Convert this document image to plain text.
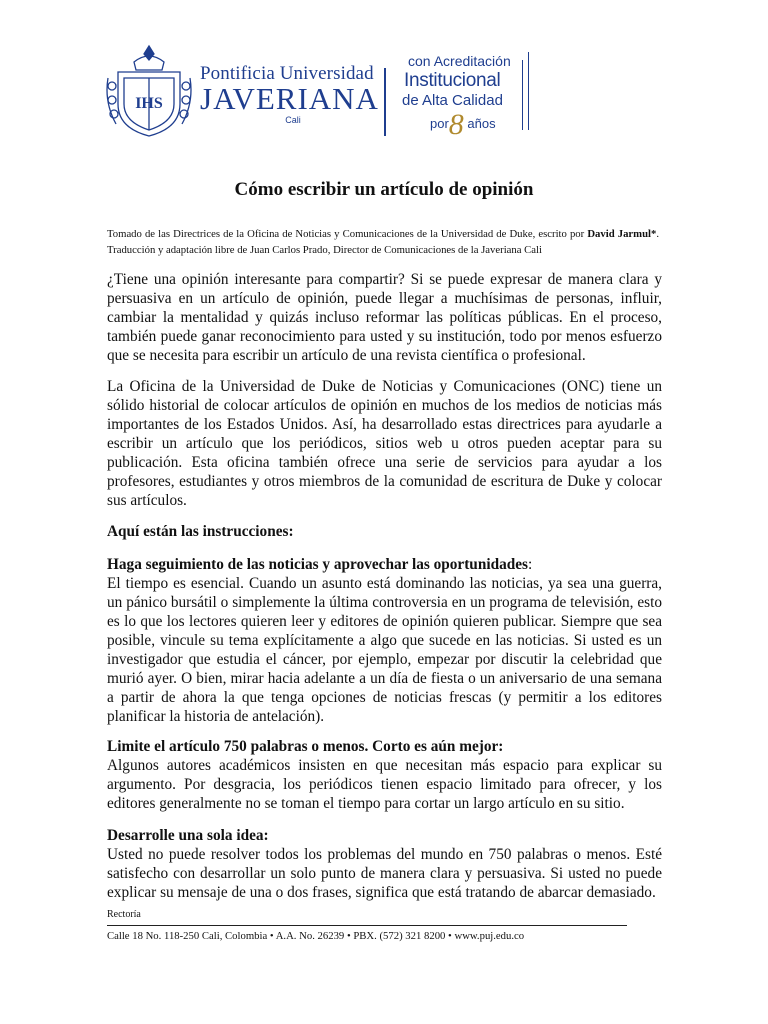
IHS
Pontificia Universidad
JAVERIANA
Cali
con Acreditación
Institucional
de Alta Calidad
por8 años
Cómo escribir un artículo de opinión

Tomado de las Directrices de la Oficina de Noticias y Comunicaciones de la Universidad de Duke, escrito por David Jarmul*. Traducción y adaptación libre de Juan Carlos Prado, Director de Comunicaciones de la Javeriana Cali

¿Tiene una opinión interesante para compartir? Si se puede expresar de manera clara y persuasiva en un artículo de opinión, puede llegar a muchísimas de personas, influir, cambiar la mentalidad y quizás incluso reformar las políticas públicas. En el proceso, también puede ganar reconocimiento para usted y su institución, todo por menos esfuerzo que se necesita para escribir un artículo de una revista científica o profesional.

La Oficina de la Universidad de Duke de Noticias y Comunicaciones (ONC) tiene un sólido historial de colocar artículos de opinión en muchos de los medios de noticias más importantes de los Estados Unidos. Así, ha desarrollado estas directrices para ayudarle a escribir un artículo que los periódicos, sitios web u otros pueden aceptar para su publicación. Esta oficina también ofrece una serie de servicios para ayudar a los profesores, estudiantes y otros miembros de la comunidad de escritura de Duke y colocar sus artículos.

Aquí están las instrucciones:

Haga seguimiento de las noticias y aprovechar las oportunidades:
El tiempo es esencial. Cuando un asunto está dominando las noticias, ya sea una guerra, un pánico bursátil o simplemente la última controversia en un programa de televisión, esto es lo que los lectores quieren leer y editores de opinión quieren publicar. Siempre que sea posible, vincule su tema explícitamente a algo que sucede en las noticias. Si usted es un investigador que estudia el cáncer, por ejemplo, empezar por discutir la celebridad que murió ayer. O bien, mirar hacia adelante a un día de fiesta o un aniversario de una semana a partir de ahora la que tenga opciones de noticias frescas (y permitir a los editores planificar la historia de antelación).
Limite el artículo 750 palabras o menos. Corto es aún mejor:
Algunos autores académicos insisten en que necesitan más espacio para explicar su argumento. Por desgracia, los periódicos tienen espacio limitado para ofrecer, y los editores generalmente no se toman el tiempo para cortar un largo artículo en su sitio.
Desarrolle una sola idea:
Usted no puede resolver todos los problemas del mundo en 750 palabras o menos. Esté satisfecho con desarrollar un solo punto de manera clara y persuasiva. Si usted no puede explicar su mensaje de una o dos frases, significa que está tratando de abarcar demasiado.

Rectoría

Calle 18 No. 118-250 Cali, Colombia • A.A. No. 26239 • PBX. (572) 321 8200 • www.puj.edu.co
